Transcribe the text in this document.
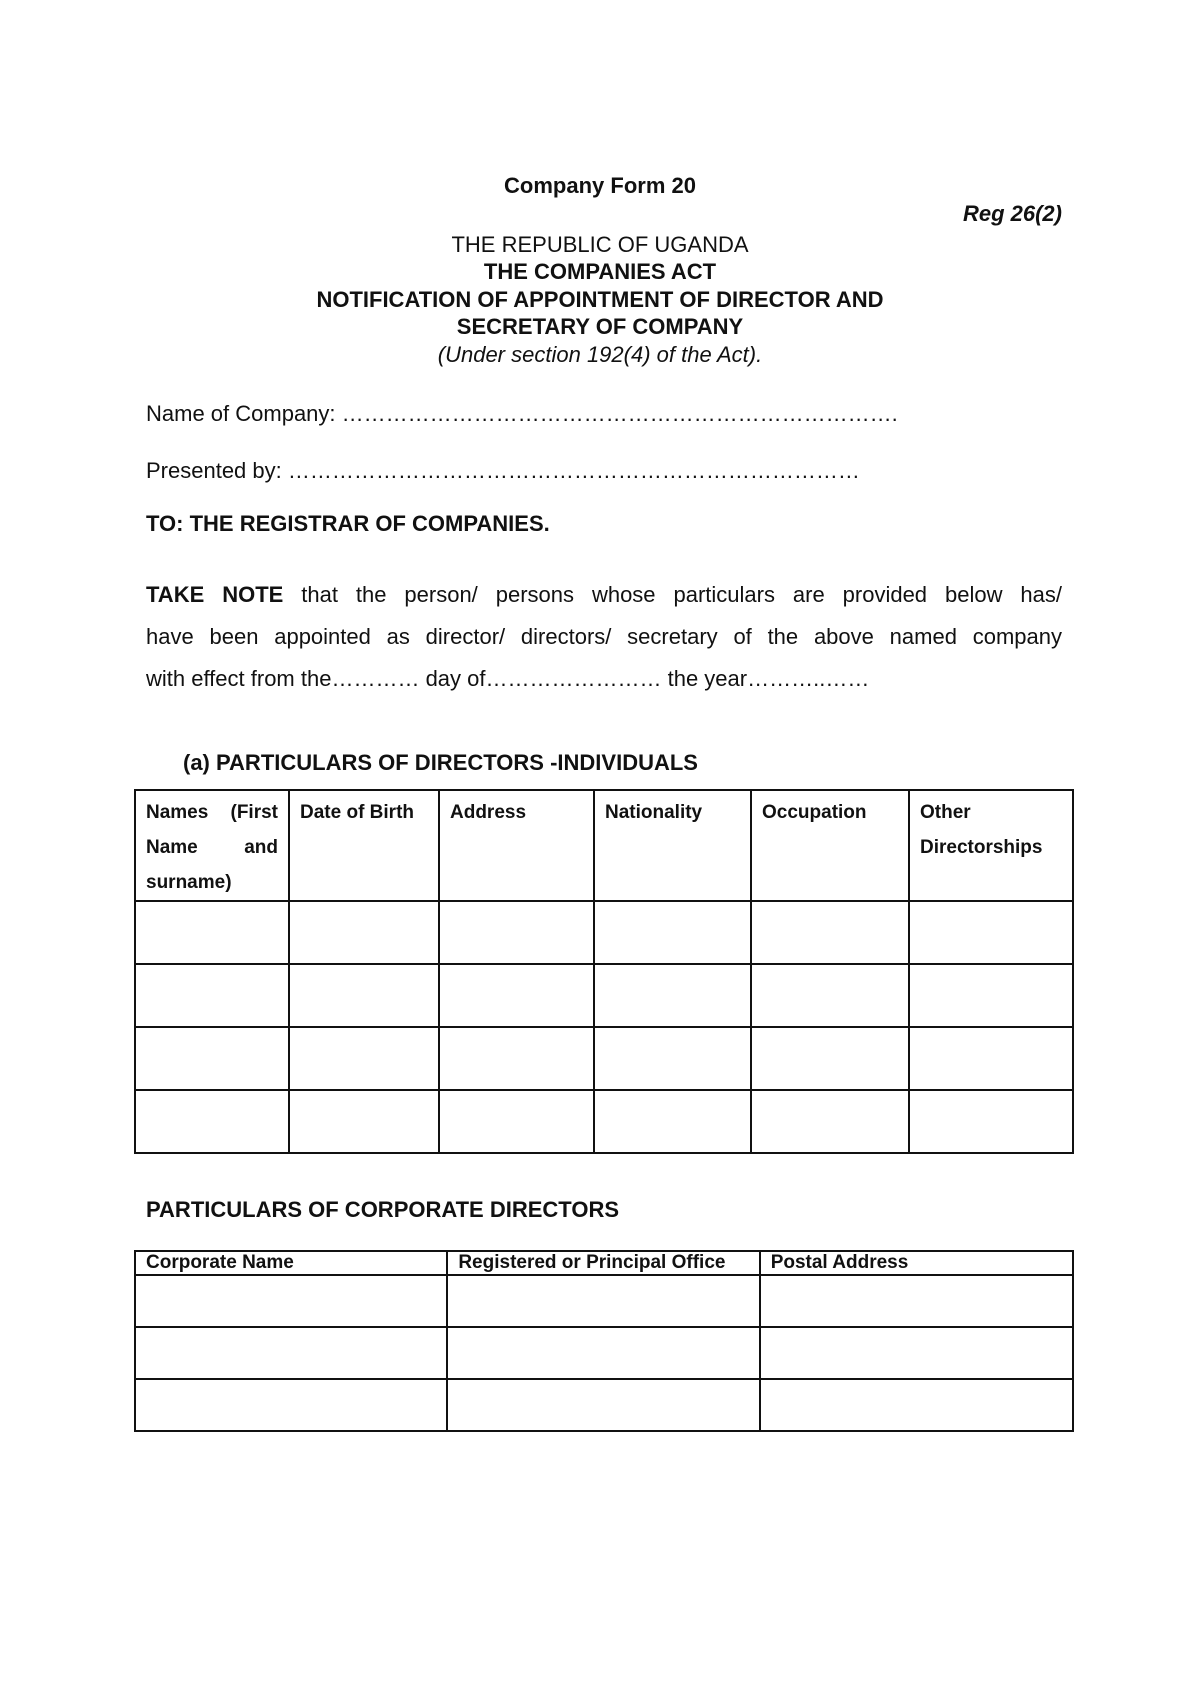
Company Form 20
Reg 26(2)
THE REPUBLIC OF UGANDA
THE COMPANIES ACT
NOTIFICATION OF APPOINTMENT OF DIRECTOR AND
SECRETARY OF COMPANY
(Under section 192(4) of the Act).
Name of Company: ………………………………………………………………….
Presented by: ……………………………………………………………………
TO: THE REGISTRAR OF COMPANIES.
TAKE NOTE that the person/ persons whose particulars are provided below has/
have been appointed as director/ directors/ secretary of the above named company
with effect from the………… day of…………………… the year………..……
(a) PARTICULARS OF DIRECTORS -INDIVIDUALS
Names (First
Name and
surname)	Date of Birth	Address	Nationality	Occupation	Other Directorships

PARTICULARS OF CORPORATE DIRECTORS
Corporate Name	Registered or Principal Office	Postal Address
